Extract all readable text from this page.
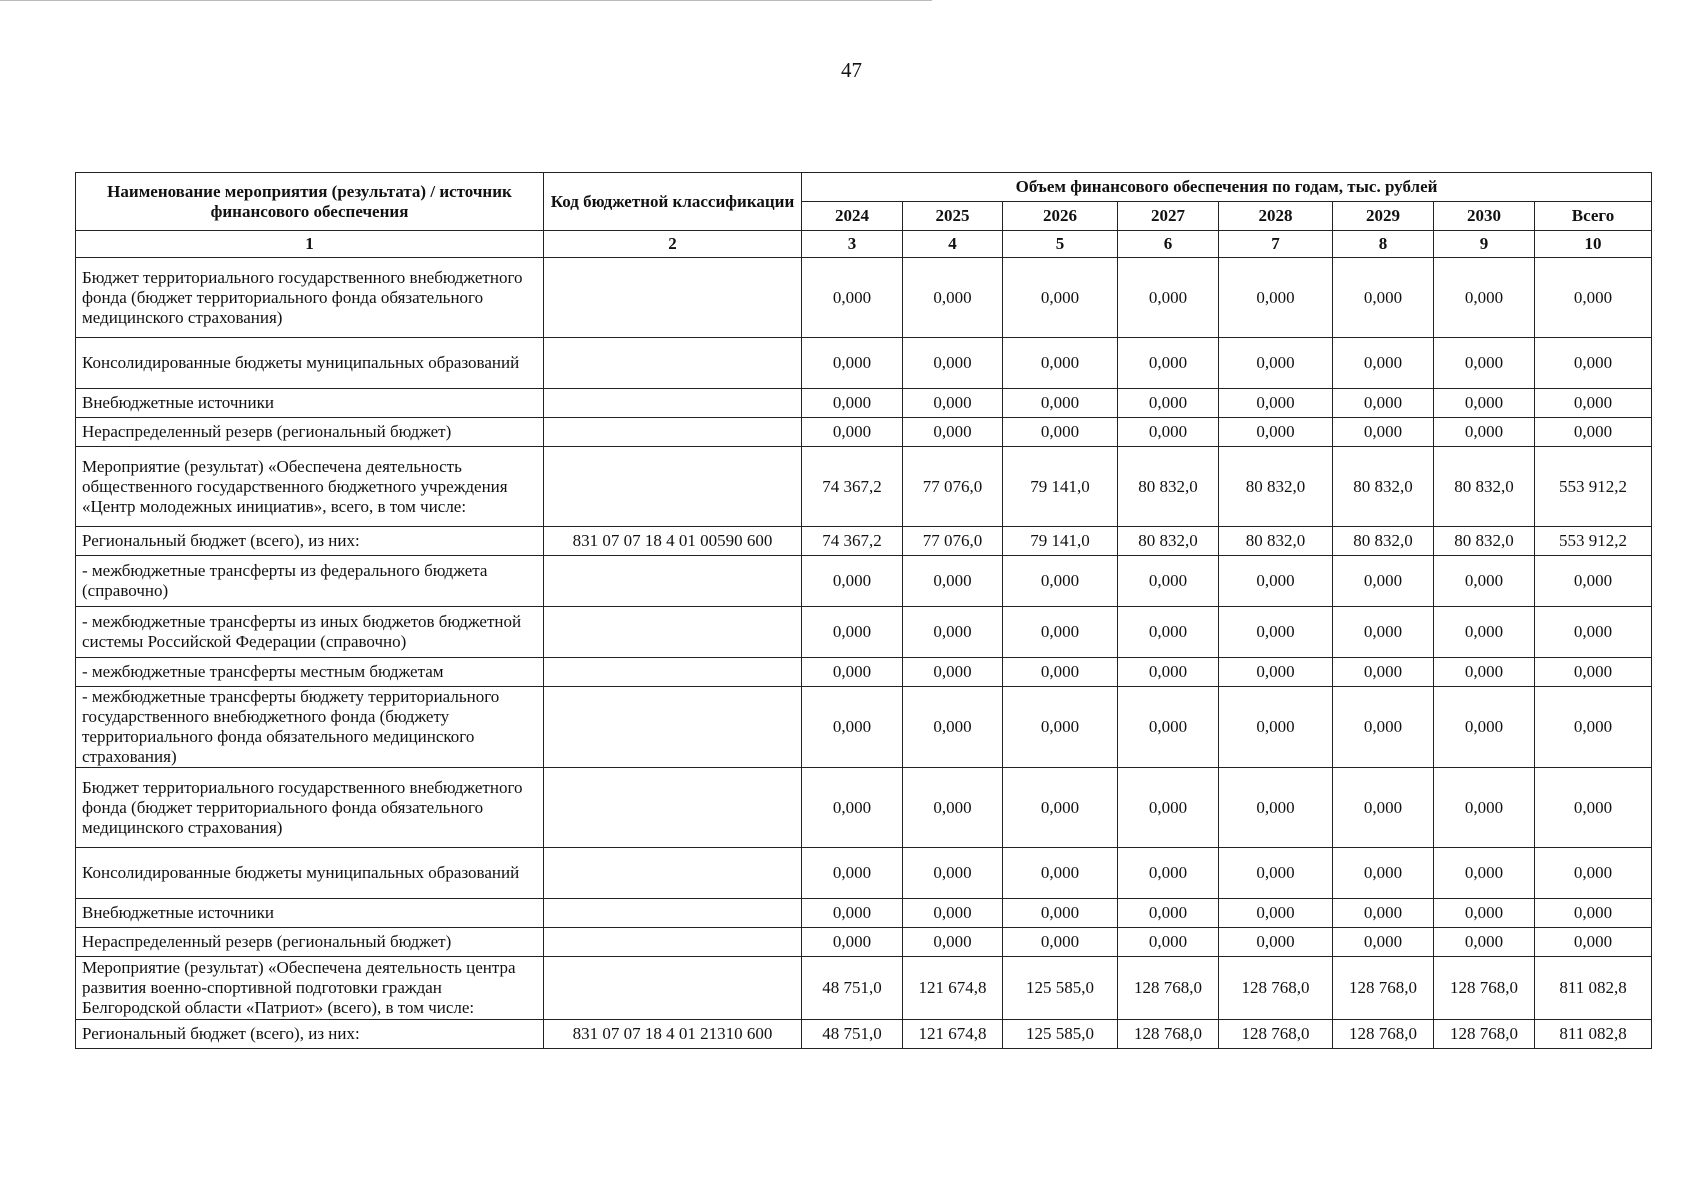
47
Наименование мероприятия (результата) / источник финансового обеспечения	Код бюджетной классификации	Объем финансового обеспечения по годам, тыс. рублей							
		2024	2025	2026	2027	2028	2029	2030	Всего
1	2	3	4	5	6	7	8	9	10
Бюджет территориального государственного внебюджетного фонда (бюджет территориального фонда обязательного медицинского страхования)		0,000	0,000	0,000	0,000	0,000	0,000	0,000	0,000
Консолидированные бюджеты муниципальных образований		0,000	0,000	0,000	0,000	0,000	0,000	0,000	0,000
Внебюджетные источники		0,000	0,000	0,000	0,000	0,000	0,000	0,000	0,000
Нераспределенный резерв (региональный бюджет)		0,000	0,000	0,000	0,000	0,000	0,000	0,000	0,000
Мероприятие (результат) «Обеспечена деятельность общественного государственного бюджетного учреждения «Центр молодежных инициатив», всего, в том числе:		74 367,2	77 076,0	79 141,0	80 832,0	80 832,0	80 832,0	80 832,0	553 912,2
Региональный бюджет (всего), из них:	831 07 07 18 4 01 00590 600	74 367,2	77 076,0	79 141,0	80 832,0	80 832,0	80 832,0	80 832,0	553 912,2
- межбюджетные трансферты из федерального бюджета (справочно)		0,000	0,000	0,000	0,000	0,000	0,000	0,000	0,000
- межбюджетные трансферты из иных бюджетов бюджетной системы Российской Федерации (справочно)		0,000	0,000	0,000	0,000	0,000	0,000	0,000	0,000
- межбюджетные трансферты местным бюджетам		0,000	0,000	0,000	0,000	0,000	0,000	0,000	0,000
- межбюджетные трансферты бюджету территориального государственного внебюджетного фонда (бюджету территориального фонда обязательного медицинского страхования)		0,000	0,000	0,000	0,000	0,000	0,000	0,000	0,000
Бюджет территориального государственного внебюджетного фонда (бюджет территориального фонда обязательного медицинского страхования)		0,000	0,000	0,000	0,000	0,000	0,000	0,000	0,000
Консолидированные бюджеты муниципальных образований		0,000	0,000	0,000	0,000	0,000	0,000	0,000	0,000
Внебюджетные источники		0,000	0,000	0,000	0,000	0,000	0,000	0,000	0,000
Нераспределенный резерв (региональный бюджет)		0,000	0,000	0,000	0,000	0,000	0,000	0,000	0,000
Мероприятие (результат) «Обеспечена деятельность центра развития военно-спортивной подготовки граждан Белгородской области «Патриот» (всего), в том числе:		48 751,0	121 674,8	125 585,0	128 768,0	128 768,0	128 768,0	128 768,0	811 082,8
Региональный бюджет (всего), из них:	831 07 07 18 4 01 21310 600	48 751,0	121 674,8	125 585,0	128 768,0	128 768,0	128 768,0	128 768,0	811 082,8
